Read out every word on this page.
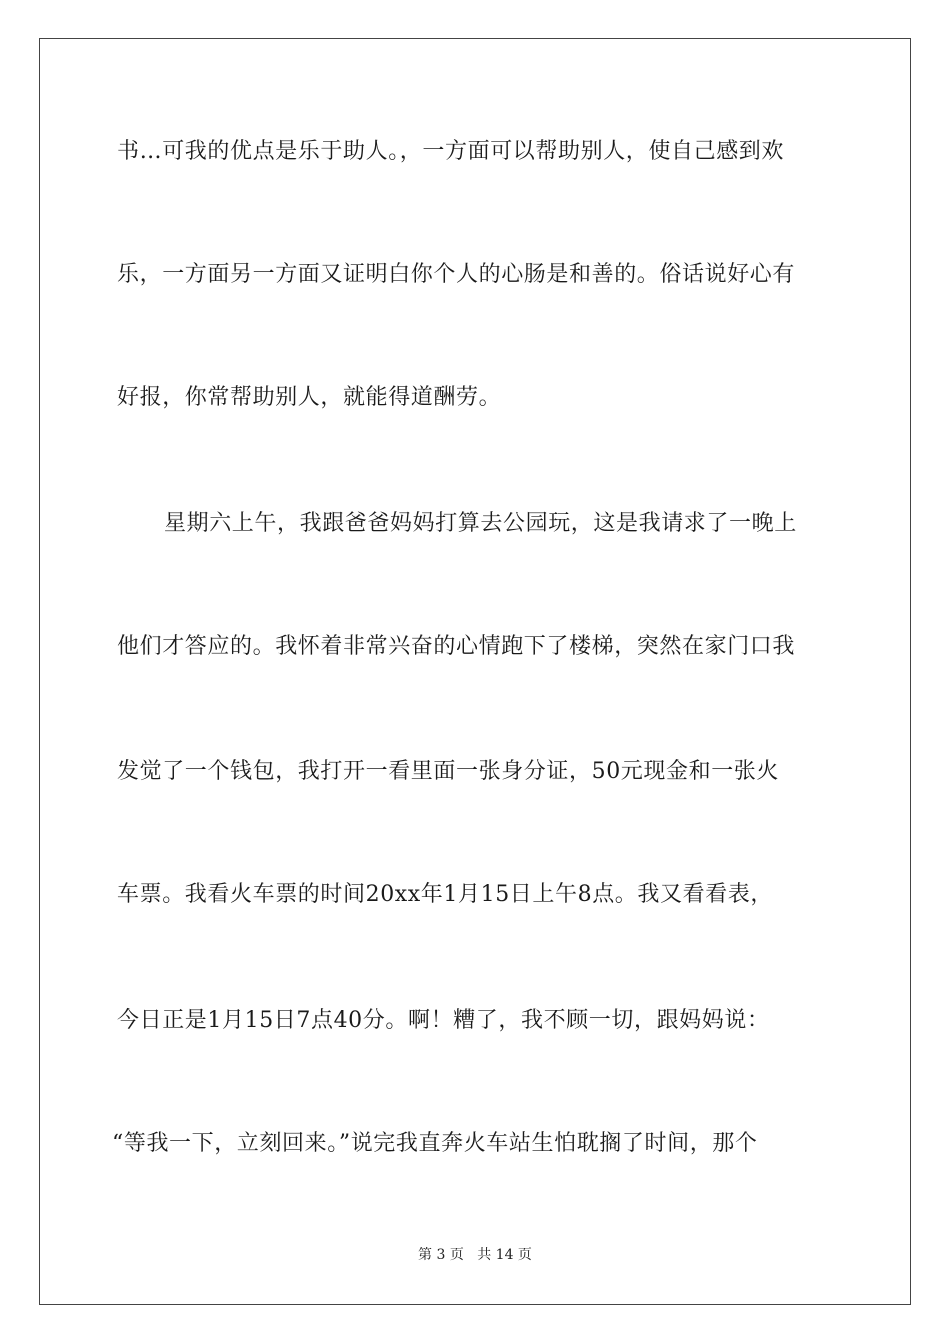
书…可我的优点是乐于助人。，一方面可以帮助别人，使自己感到欢
乐，一方面另一方面又证明白你个人的心肠是和善的。俗话说好心有
好报，你常帮助别人，就能得道酬劳。
星期六上午，我跟爸爸妈妈打算去公园玩，这是我请求了一晚上
他们才答应的。我怀着非常兴奋的心情跑下了楼梯，突然在家门口我
发觉了一个钱包，我打开一看里面一张身分证，50元现金和一张火
车票。我看火车票的时间20xx年1月15日上午8点。我又看看表，
今日正是1月15日7点40分。啊！糟了，我不顾一切，跟妈妈说：
“等我一下，立刻回来。”说完我直奔火车站生怕耽搁了时间，那个
第 3 页 共 14 页
